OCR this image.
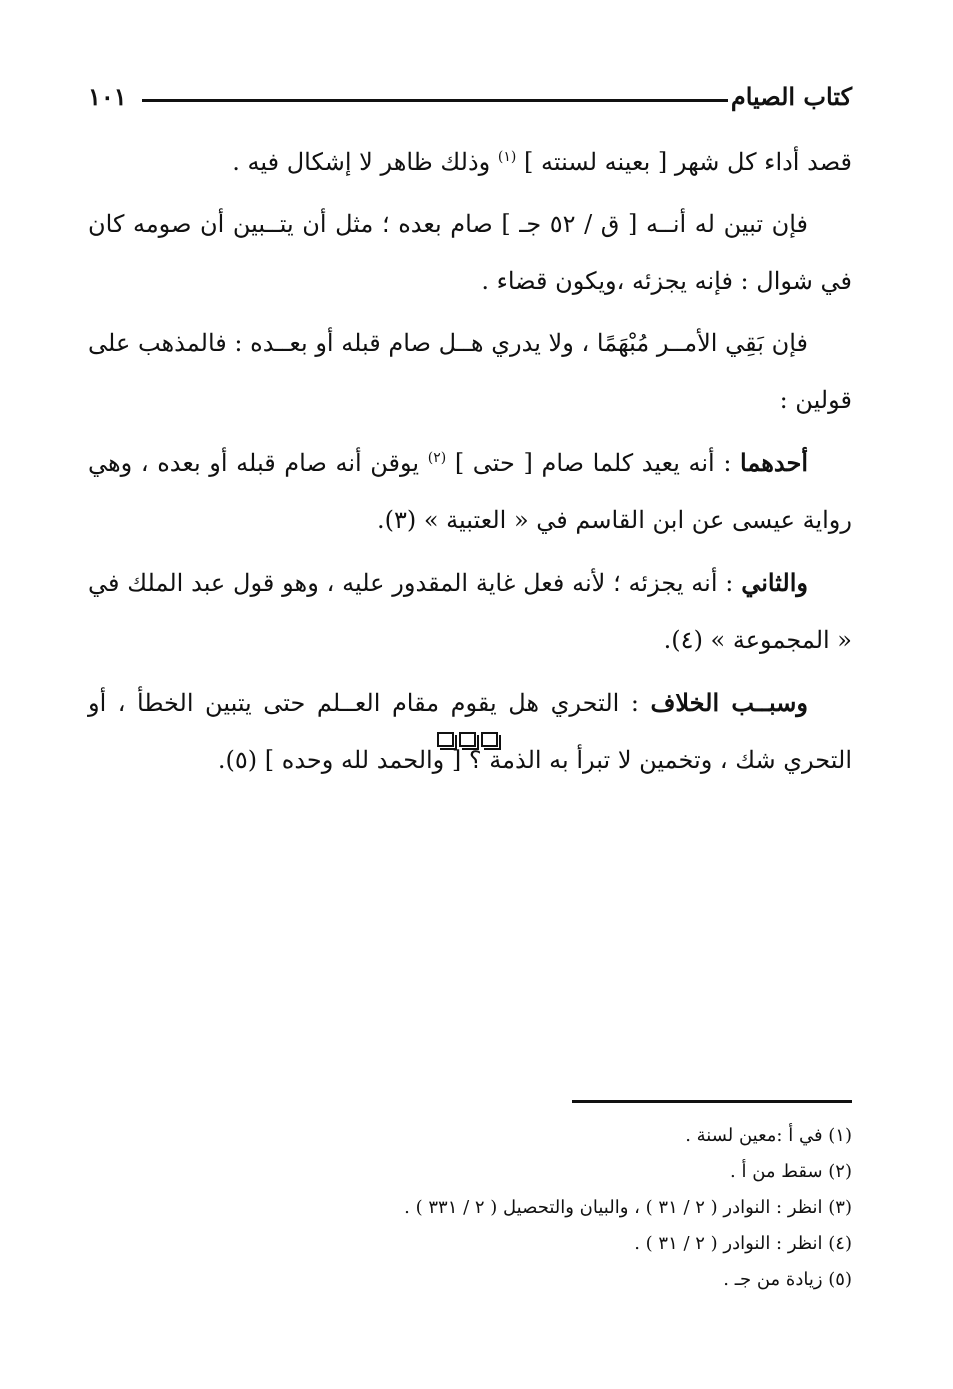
كتاب الصيام
١٠١

قصد أداء كل شهر [ بعينه لسنته ] $^{(١)}$ وذلك ظاهر لا إشكال فيه .

فإن تبين له أنــه [ ق / ٥٢ جـ ] صام بعده ؛ مثل أن يتــبين أن صومه كان في شوال : فإنه يجزئه ،ويكون قضاء .

فإن بَقِي الأمــر مُبْهَمًا ، ولا يدري هــل صام قبله أو بعــده : فالمذهب على قولين :

أحدهما : أنه يعيد كلما صام [ حتى ] $^{(٢)}$ يوقن أنه صام قبله أو بعده ، وهي رواية عيسى عن ابن القاسم في « العتبية » (٣).

والثاني : أنه يجزئه ؛ لأنه فعل غاية المقدور عليه ، وهو قول عبد الملك في « المجموعة » (٤).

وسبــب الخلاف : التحري هل يقوم مقام العــلم حتى يتبين الخطأ ، أو التحري شك ، وتخمين لا تبرأ به الذمة ؟ [ والحمد لله وحده ] (٥).

(١) في أ :معين لسنة .
(٢) سقط من أ .
(٣) انظر : النوادر ( ٢ / ٣١ ) ، والبيان والتحصيل ( ٢ / ٣٣١ ) .
(٤) انظر : النوادر ( ٢ / ٣١ ) .
(٥) زيادة من جـ .
